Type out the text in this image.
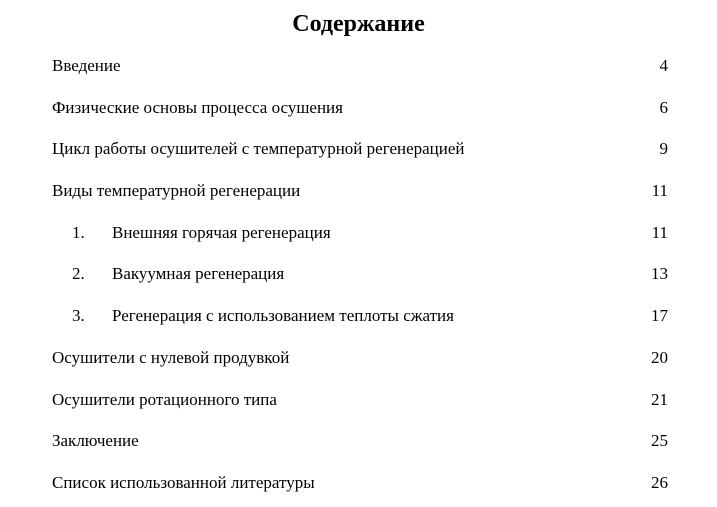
Содержание
Введение .....	4
Физические основы процесса осушения .....	6
Цикл работы осушителей с температурной регенерацией .....	9
Виды температурной регенерации .....	11
1.	Внешняя горячая регенерация .....	11
2.	Вакуумная регенерация .....	13
3.	Регенерация с использованием теплоты сжатия .....	17
Осушители с нулевой продувкой .....	20
Осушители ротационного типа .....	21
Заключение .....	25
Список использованной литературы .....	26
